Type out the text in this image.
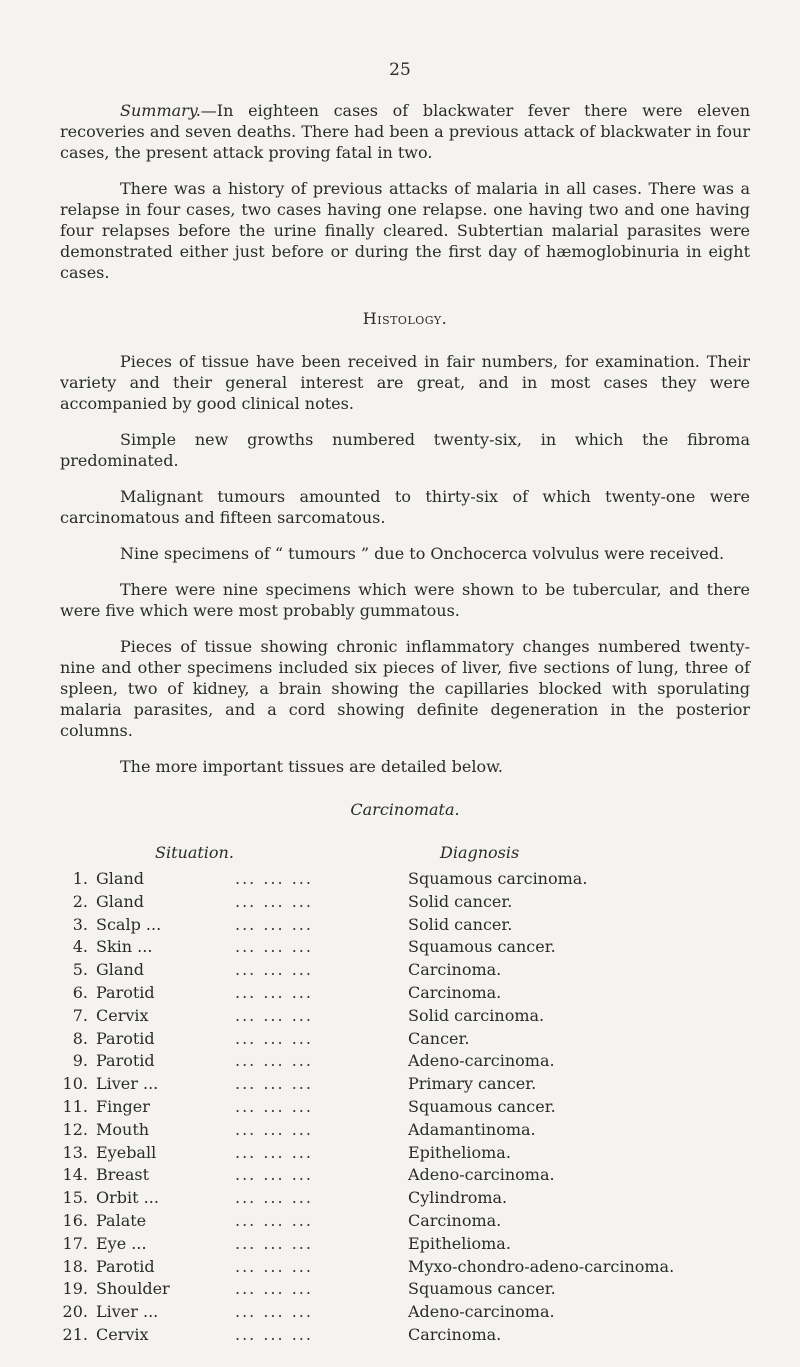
25

Summary.—In eighteen cases of blackwater fever there were eleven recoveries and seven deaths. There had been a previous attack of blackwater in four cases, the present attack proving fatal in two.

There was a history of previous attacks of malaria in all cases. There was a relapse in four cases, two cases having one relapse. one having two and one having four relapses before the urine finally cleared. Subtertian malarial parasites were demonstrated either just before or during the first day of hæmoglobinuria in eight cases.

Histology.

Pieces of tissue have been received in fair numbers, for examination. Their variety and their general interest are great, and in most cases they were accompanied by good clinical notes.

Simple new growths numbered twenty-six, in which the fibroma predominated.

Malignant tumours amounted to thirty-six of which twenty-one were carcinomatous and fifteen sarcomatous.

Nine specimens of “ tumours ” due to Onchocerca volvulus were received.

There were nine specimens which were shown to be tubercular, and there were five which were most probably gummatous.

Pieces of tissue showing chronic inflammatory changes numbered twenty-nine and other specimens included six pieces of liver, five sections of lung, three of spleen, two of kidney, a brain showing the capillaries blocked with sporulating malaria parasites, and a cord showing definite degeneration in the posterior columns.

The more important tissues are detailed below.

Carcinomata.
Situation.	Diagnosis
1. Gland	... ... ...	Squamous carcinoma.
2. Gland	... ... ...	Solid cancer.
3. Scalp ...	... ... ...	Solid cancer.
4. Skin ...	... ... ...	Squamous cancer.
5. Gland	... ... ...	Carcinoma.
6. Parotid	... ... ...	Carcinoma.
7. Cervix	... ... ...	Solid carcinoma.
8. Parotid	... ... ...	Cancer.
9. Parotid	... ... ...	Adeno-carcinoma.
10. Liver ...	... ... ...	Primary cancer.
11. Finger	... ... ...	Squamous cancer.
12. Mouth	... ... ...	Adamantinoma.
13. Eyeball	... ... ...	Epithelioma.
14. Breast	... ... ...	Adeno-carcinoma.
15. Orbit ...	... ... ...	Cylindroma.
16. Palate	... ... ...	Carcinoma.
17. Eye ...	... ... ...	Epithelioma.
18. Parotid	... ... ...	Myxo-chondro-adeno-carcinoma.
19. Shoulder	... ... ...	Squamous cancer.
20. Liver ...	... ... ...	Adeno-carcinoma.
21. Cervix	... ... ...	Carcinoma.
